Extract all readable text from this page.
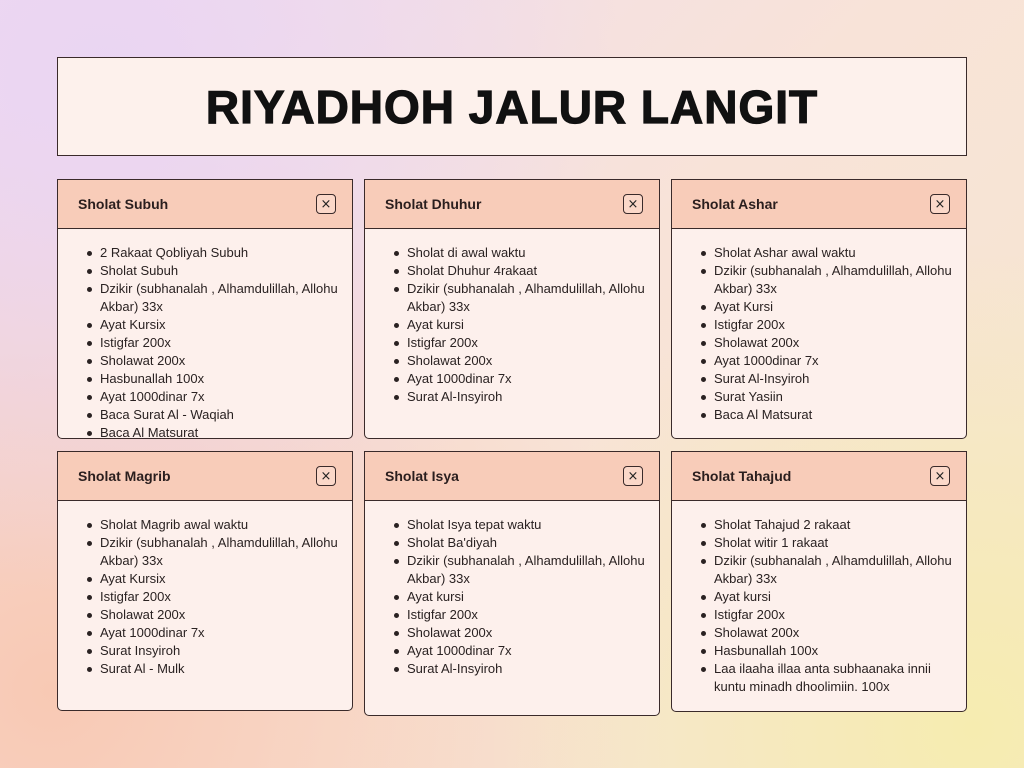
RIYADHOH JALUR LANGIT
Sholat Subuh	×
2 Rakaat Qobliyah Subuh
Sholat Subuh
Dzikir (subhanalah , Alhamdulillah, Allohu Akbar) 33x
Ayat Kursix
Istigfar 200x
Sholawat 200x
Hasbunallah 100x
Ayat 1000dinar 7x
Baca Surat Al - Waqiah
Baca Al Matsurat
Sholat Dhuhur	×
Sholat di awal waktu
Sholat Dhuhur 4rakaat
Dzikir (subhanalah , Alhamdulillah, Allohu Akbar) 33x
Ayat kursi
Istigfar 200x
Sholawat 200x
Ayat 1000dinar 7x
Surat Al-Insyiroh
Sholat Ashar	×
Sholat Ashar awal waktu
Dzikir (subhanalah , Alhamdulillah, Allohu Akbar) 33x
Ayat Kursi
Istigfar 200x
Sholawat 200x
Ayat 1000dinar 7x
Surat Al-Insyiroh
Surat Yasiin
Baca Al Matsurat
Sholat Magrib	×
Sholat Magrib awal waktu
Dzikir (subhanalah , Alhamdulillah, Allohu Akbar) 33x
Ayat Kursix
Istigfar 200x
Sholawat 200x
Ayat 1000dinar 7x
Surat Insyiroh
Surat Al - Mulk
Sholat Isya	×
Sholat Isya tepat waktu
Sholat Ba'diyah
Dzikir (subhanalah , Alhamdulillah, Allohu Akbar) 33x
Ayat kursi
Istigfar 200x
Sholawat 200x
Ayat 1000dinar 7x
Surat Al-Insyiroh
Sholat Tahajud	×
Sholat Tahajud 2 rakaat
Sholat witir 1 rakaat
Dzikir (subhanalah , Alhamdulillah, Allohu Akbar) 33x
Ayat kursi
Istigfar 200x
Sholawat 200x
Hasbunallah 100x
Laa ilaaha illaa anta subhaanaka innii kuntu minadh dhoolimiin. 100x
